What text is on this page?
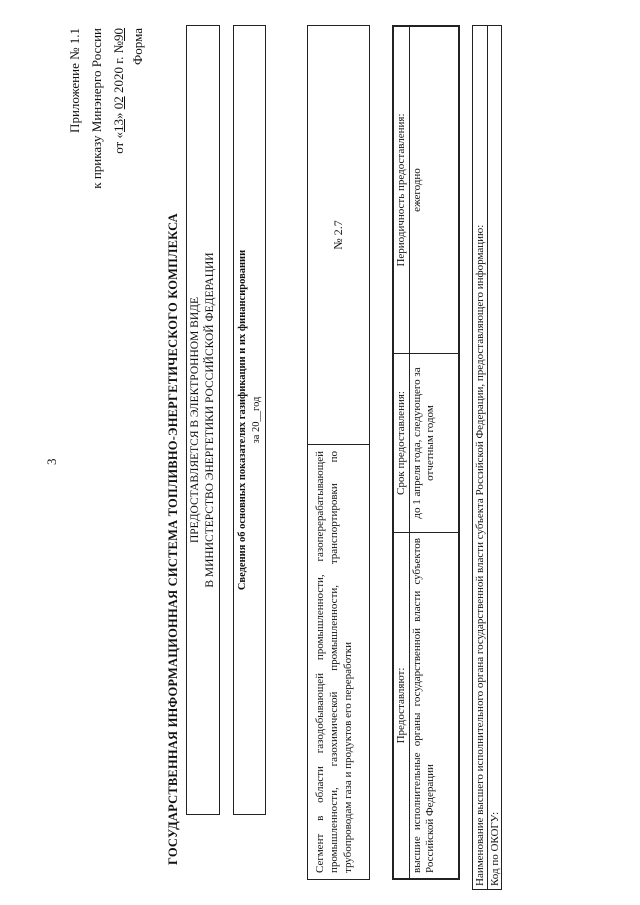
3
Приложение № 1.1 к приказу Минэнерго России от «13» 02 2020 г. №90 Форма
ГОСУДАРСТВЕННАЯ ИНФОРМАЦИОННАЯ СИСТЕМА ТОПЛИВНО-ЭНЕРГЕТИЧЕСКОГО КОМПЛЕКСА ПРЕДОСТАВЛЯЕТСЯ В ЭЛЕКТРОННОМ ВИДЕ В МИНИСТЕРСТВО ЭНЕРГЕТИКИ РОССИЙСКОЙ ФЕДЕРАЦИИ Сведения об основных показателях газификации и их финансировании за 20__год
Сегмент в области газодобывающей промышленности, газоперерабатывающей промышленности, газохимической промышленности, транспортировки по трубопроводам газа и продуктов его переработки
№ 2.7
Предоставляют:	Срок предоставления:	Периодичность предоставления:
высшие исполнительные органы государственной власти субъектов Российской Федерации	до 1 апреля года, следующего за отчетным годом	ежегодно
Наименование высшего исполнительного органа государственной власти субъекта Российской Федерации, предоставляющего информацию: Код по ОКОГУ:
